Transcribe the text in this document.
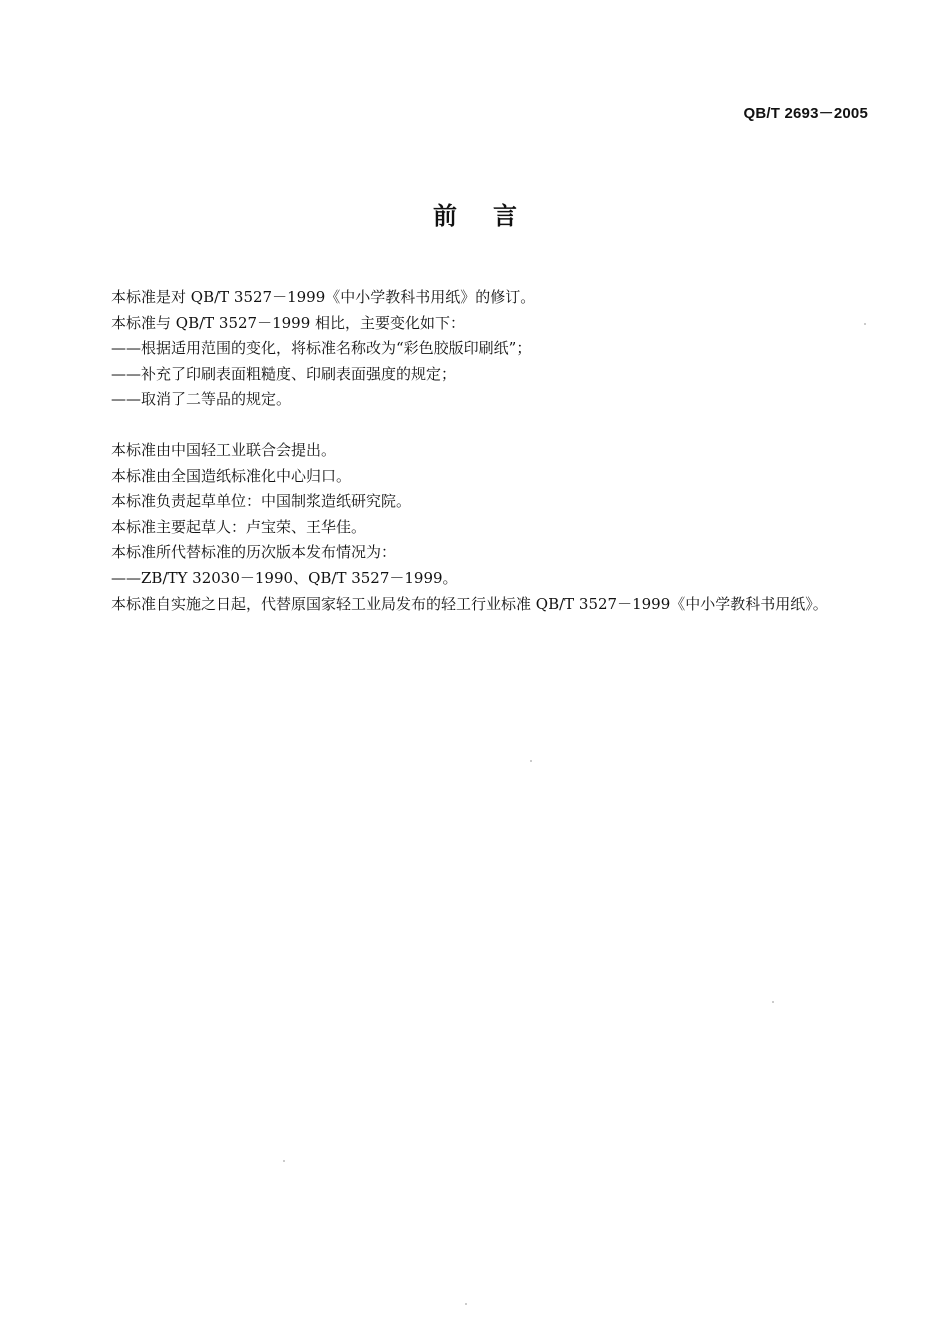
QB/T 2693－2005
前言

本标准是对 QB/T 3527－1999《中小学教科书用纸》的修订。

本标准与 QB/T 3527－1999 相比，主要变化如下：

——根据适用范围的变化，将标准名称改为“彩色胶版印刷纸”；

——补充了印刷表面粗糙度、印刷表面强度的规定；

——取消了二等品的规定。

本标准由中国轻工业联合会提出。

本标准由全国造纸标准化中心归口。

本标准负责起草单位：中国制浆造纸研究院。

本标准主要起草人：卢宝荣、王华佳。

本标准所代替标准的历次版本发布情况为：

——ZB/TY 32030－1990、QB/T 3527－1999。

本标准自实施之日起，代替原国家轻工业局发布的轻工行业标准 QB/T 3527－1999《中小学教科书用纸》。
